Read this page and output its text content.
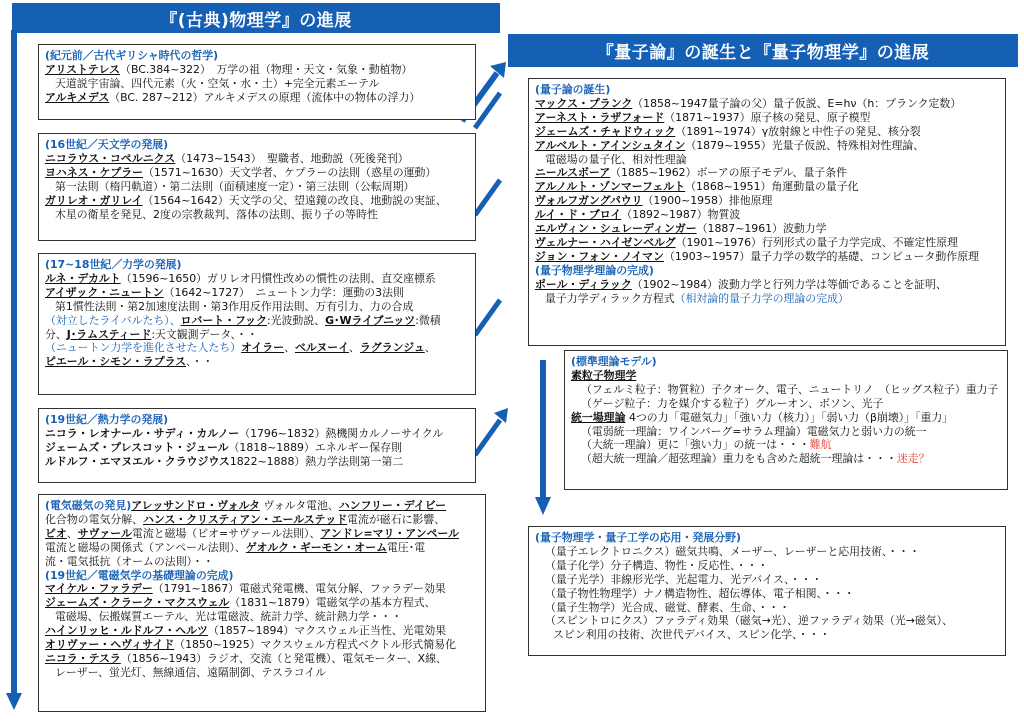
『(古典)物理学』の進展
『量子論』の誕生と『量子物理学』の進展
(紀元前／古代ギリシャ時代の哲学)
アリストテレス（BC.384~322）　万学の祖（物理・天文・気象・動植物）
天道説宇宙論、四代元素（火・空気・水・土）+完全元素エーテル
アルキメデス（BC. 287~212）アルキメデスの原理（流体中の物体の浮力）
(16世紀／天文学の発展)
ニコラウス・コペルニクス（1473~1543）　聖職者、地動説（死後発刊）
ヨハネス・ケプラー（1571~1630）天文学者、ケプラーの法則（惑星の運動）
第一法則（楕円軌道）・第二法則（面積速度一定）・第三法則（公転周期）
ガリレオ・ガリレイ（1564~1642）天文学の父、望遠鏡の改良、地動説の実証、
木星の衛星を発見、2度の宗教裁判、落体の法則、振り子の等時性
(17~18世紀／力学の発展)
ルネ・デカルト（1596~1650）ガリレオ円慣性改めの慣性の法則、直交座標系
アイザック・ニュートン（1642~1727）　ニュートン力学：運動の3法則
第1慣性法則・第2加速度法則・第3作用反作用法則、万有引力、力の合成
（対立したライバルたち）、ロバート・フック:光波動説、G･Wライブニッツ:微積
分、J･ラムスティード:天文観測データ、・・
（ニュートン力学を進化させた人たち）オイラー、ベルヌーイ、ラグランジュ、
ピエール・シモン・ラプラス、・・
(19世紀／熱力学の発展)
ニコラ・レオナール・サディ・カルノー（1796~1832）熱機関カルノーサイクル
ジェームズ・プレスコット・ジュール（1818~1889）エネルギー保存則
ルドルフ・エマヌエル・クラウジウス1822~1888）熱力学法則第一第二
(電気磁気の発見)アレッサンドロ・ヴォルタ ヴォルタ電池、ハンフリー・デイビー
化合物の電気分解、ハンス・クリスティアン・エールステッド電流が磁石に影響、
ビオ、サヴァール電流と磁場（ビオ=サヴァール法則）、アンドレ=マリ・アンペール
電流と磁場の関係式（アンペール法則）、ゲオルク・ギーモン・オーム電圧･電
流・電気抵抗（オームの法則）・・
(19世紀／電磁気学の基礎理論の完成)
マイケル・ファラデー（1791~1867）電磁式発電機、電気分解、ファラデー効果
ジェームズ・クラーク・マクスウェル（1831~1879）電磁気学の基本方程式、
電磁場、伝搬媒質エーテル、光は電磁波、統計力学、統計熱力学・・・
ハインリッヒ・ルドルフ・ヘルツ（1857~1894）マクスウェル正当性、光電効果
オリヴァー・ヘヴィサイド（1850~1925）マクスウェル方程式ベクトル形式簡易化
ニコラ・テスラ（1856~1943）ラジオ、交流（と発電機）、電気モーター、X線、
レーザー、蛍光灯、無線通信、遠隔制御、テスラコイル
(量子論の誕生)
マックス・プランク（1858~1947量子論の父）量子仮説、E=hν（h：プランク定数）
アーネスト・ラザフォード（1871~1937）原子核の発見、原子模型
ジェームズ・チャドウィック（1891~1974）γ放射線と中性子の発見、核分裂
アルベルト・アインシュタイン（1879~1955）光量子仮説、特殊相対性理論、
電磁場の量子化、相対性理論
ニールスボーア（1885~1962）ボーアの原子モデル、量子条件
アルノルト・ゾンマーフェルト（1868~1951）角運動量の量子化
ヴォルフガングパウリ（1900~1958）排他原理
ルイ・ド・ブロイ（1892~1987）物質波
エルヴィン・シュレーディンガー（1887~1961）波動力学
ヴェルナー・ハイゼンベルグ（1901~1976）行列形式の量子力学完成、不確定性原理
ジョン・フォン・ノイマン（1903~1957）量子力学の数学的基礎、コンピュータ動作原理
(量子物理学理論の完成)
ポール・ディラック（1902~1984）波動力学と行列力学は等価であることを証明、
量子力学ディラック方程式（相対論的量子力学の理論の完成）
(標準理論モデル)
素粒子物理学
（フェルミ粒子：物質粒）子クオーク、電子、ニュートリノ　（ヒッグス粒子）重力子
（ゲージ粒子：力を媒介する粒子）グルーオン、ボソン、光子
統一場理論 4つの力「電磁気力」「強い力（核力）」「弱い力（β崩壊）」「重力」
（電弱統一理論：ワインバーグ=サラム理論）電磁気力と弱い力の統一
（大統一理論）更に「強い力」の統一は・・・難航
（超大統一理論／超弦理論）重力をも含めた超統一理論は・・・迷走？
(量子物理学・量子工学の応用・発展分野)
（量子エレクトロニクス）磁気共鳴、メーザー、レーザーと応用技術、・・・
（量子化学）分子構造、物性・反応性、・・・
（量子光学）非線形光学、光起電力、光デバイス、・・・
（量子物性物理学）ナノ構造物性、超伝導体、電子相関、・・・
（量子生物学）光合成、磁覚、酵素、生命、・・・
（スピントロにクス）ファラディ効果（磁気→光）、逆ファラディ効果（光→磁気）、
スピン利用の技術、次世代デバイス、スピン化学、・・・
